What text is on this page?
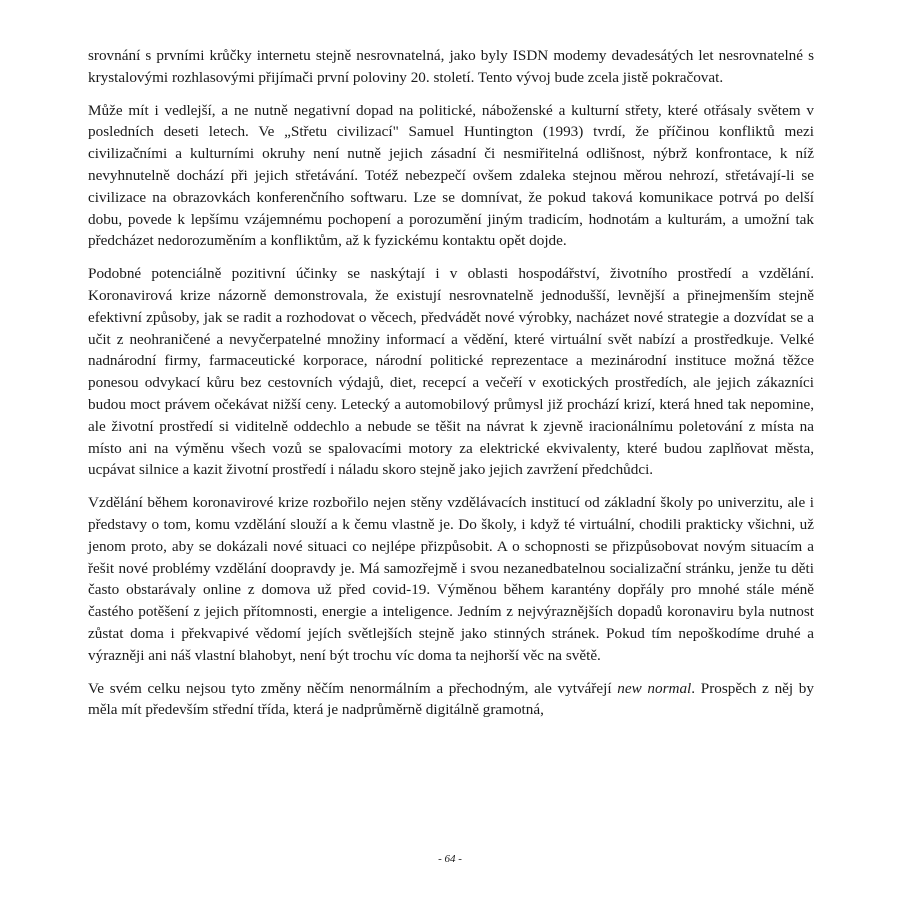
srovnání s prvními krůčky internetu stejně nesrovnatelná, jako byly ISDN modemy devadesátých let nesrovnatelné s krystalovými rozhlasovými přijímači první poloviny 20. století. Tento vývoj bude zcela jistě pokračovat.

Může mít i vedlejší, a ne nutně negativní dopad na politické, náboženské a kulturní střety, které otřásaly světem v posledních deseti letech. Ve „Střetu civilizací" Samuel Huntington (1993) tvrdí, že příčinou konfliktů mezi civilizačními a kulturními okruhy není nutně jejich zásadní či nesmiřitelná odlišnost, nýbrž konfrontace, k níž nevyhnutelně dochází při jejich střetávání. Totéž nebezpečí ovšem zdaleka stejnou měrou nehrozí, střetávají-li se civilizace na obrazovkách konferenčního softwaru. Lze se domnívat, že pokud taková komunikace potrvá po delší dobu, povede k lepšímu vzájemnému pochopení a porozumění jiným tradicím, hodnotám a kulturám, a umožní tak předcházet nedorozuměním a konfliktům, až k fyzickému kontaktu opět dojde.

Podobné potenciálně pozitivní účinky se naskýtají i v oblasti hospodářství, životního prostředí a vzdělání. Koronavirová krize názorně demonstrovala, že existují nesrovnatelně jednodušší, levnější a přinejmenším stejně efektivní způsoby, jak se radit a rozhodovat o věcech, předvádět nové výrobky, nacházet nové strategie a dozvídat se a učit z neohraničené a nevyčerpatelné množiny informací a vědění, které virtuální svět nabízí a prostředkuje. Velké nadnárodní firmy, farmaceutické korporace, národní politické reprezentace a mezinárodní instituce možná těžce ponesou odvykací kůru bez cestovních výdajů, diet, recepcí a večeří v exotických prostředích, ale jejich zákazníci budou moct právem očekávat nižší ceny. Letecký a automobilový průmysl již prochází krizí, která hned tak nepomine, ale životní prostředí si viditelně oddechlo a nebude se těšit na návrat k zjevně iracionálnímu poletování z místa na místo ani na výměnu všech vozů se spalovacími motory za elektrické ekvivalenty, které budou zaplňovat města, ucpávat silnice a kazit životní prostředí i náladu skoro stejně jako jejich zavržení předchůdci.

Vzdělání během koronavirové krize rozbořilo nejen stěny vzdělávacích institucí od základní školy po univerzitu, ale i představy o tom, komu vzdělání slouží a k čemu vlastně je. Do školy, i když té virtuální, chodili prakticky všichni, už jenom proto, aby se dokázali nové situaci co nejlépe přizpůsobit. A o schopnosti se přizpůsobovat novým situacím a řešit nové problémy vzdělání doopravdy je. Má samozřejmě i svou nezanedbatelnou socializační stránku, jenže tu děti často obstarávaly online z domova už před covid-19. Výměnou během karantény dopřály pro mnohé stále méně častého potěšení z jejich přítomnosti, energie a inteligence. Jedním z nejvýraznějších dopadů koronaviru byla nutnost zůstat doma i překvapivé vědomí jejích světlejších stejně jako stinných stránek. Pokud tím nepoškodíme druhé a výrazněji ani náš vlastní blahobyt, není být trochu víc doma ta nejhorší věc na světě.

Ve svém celku nejsou tyto změny něčím nenormálním a přechodným, ale vytvářejí new normal. Prospěch z něj by měla mít především střední třída, která je nadprůměrně digitálně gramotná,

- 64 -
